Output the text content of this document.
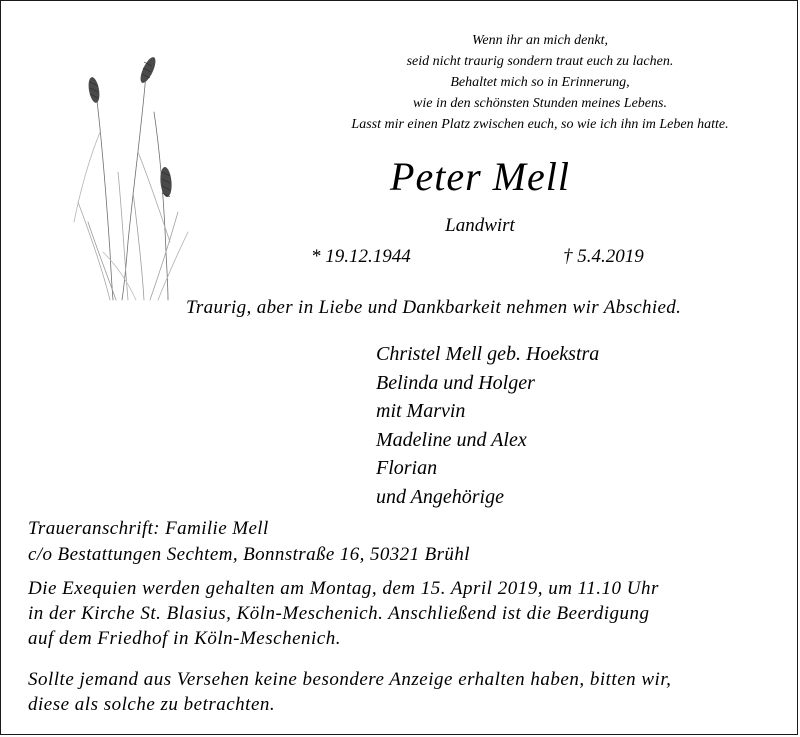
Wenn ihr an mich denkt,
seid nicht traurig sondern traut euch zu lachen.
Behaltet mich so in Erinnerung,
wie in den schönsten Stunden meines Lebens.
Lasst mir einen Platz zwischen euch, so wie ich ihn im Leben hatte.
Peter Mell
Landwirt
* 19.12.1944	† 5.4.2019
Traurig, aber in Liebe und Dankbarkeit nehmen wir Abschied.
Christel Mell geb. Hoekstra
Belinda und Holger
mit Marvin
Madeline und Alex
Florian
und Angehörige
Traueranschrift: Familie Mell
c/o Bestattungen Sechtem, Bonnstraße 16, 50321 Brühl
Die Exequien werden gehalten am Montag, dem 15. April 2019, um 11.10 Uhr
in der Kirche St. Blasius, Köln-Meschenich. Anschließend ist die Beerdigung
auf dem Friedhof in Köln-Meschenich.
Sollte jemand aus Versehen keine besondere Anzeige erhalten haben, bitten wir,
diese als solche zu betrachten.
